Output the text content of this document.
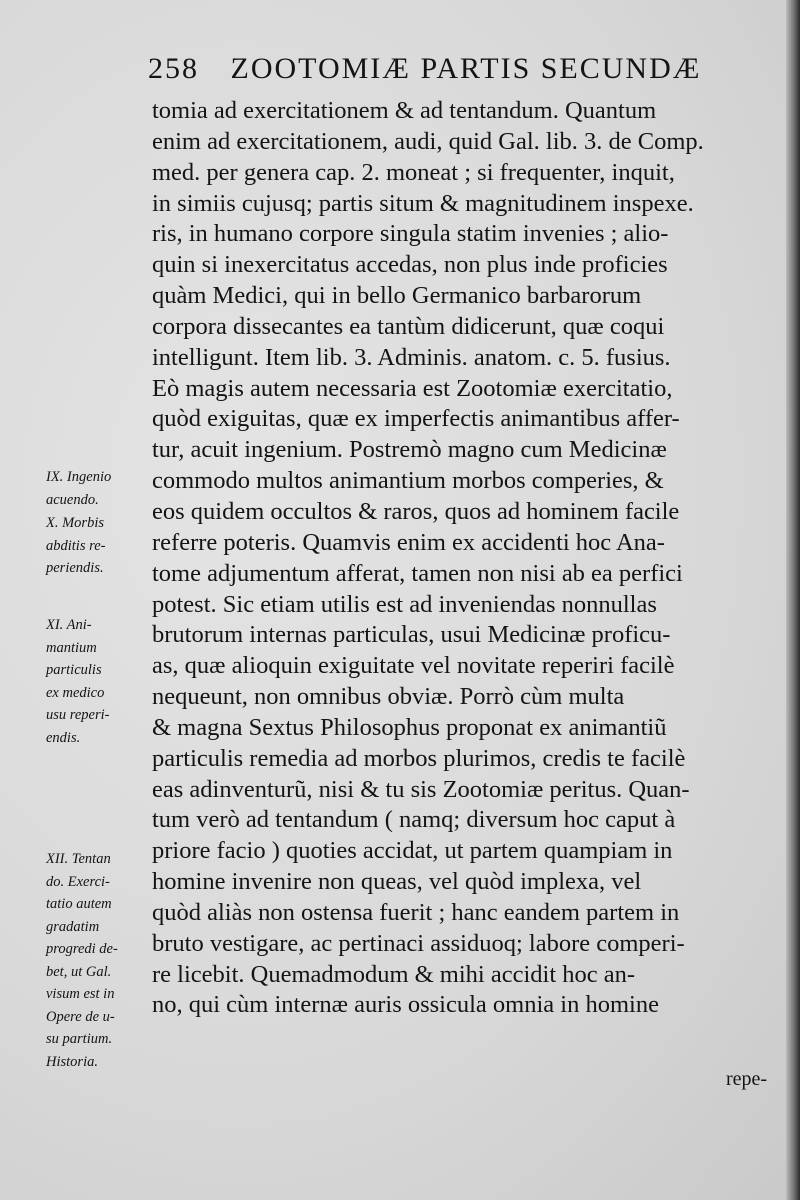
258 ZOOTOMIÆ PARTIS SECUNDÆ
tomia ad exercitationem & ad tentandum. Quantum
enim ad exercitationem, audi, quid Gal. lib. 3. de Comp.
med. per genera cap. 2. moneat ; si frequenter, inquit,
in simiis cujusq; partis situm & magnitudinem inspexe.
ris, in humano corpore singula statim invenies ; alio-
quin si inexercitatus accedas, non plus inde proficies
quàm Medici, qui in bello Germanico barbarorum
corpora dissecantes ea tantùm didicerunt, quæ coqui
intelligunt. Item lib. 3. Adminis. anatom. c. 5. fusius.
Eò magis autem necessaria est Zootomiæ exercitatio,
quòd exiguitas, quæ ex imperfectis animantibus affer-
tur, acuit ingenium. Postremò magno cum Medicinæ
commodo multos animantium morbos comperies, &
eos quidem occultos & raros, quos ad hominem facile
referre poteris. Quamvis enim ex accidenti hoc Ana-
tome adjumentum afferat, tamen non nisi ab ea perfici
potest. Sic etiam utilis est ad inveniendas nonnullas
brutorum internas particulas, usui Medicinæ proficu-
as, quæ alioquin exiguitate vel novitate reperiri facilè
nequeunt, non omnibus obviæ. Porrò cùm multa
& magna Sextus Philosophus proponat ex animantiũ
particulis remedia ad morbos plurimos, credis te facilè
eas adinventurũ, nisi & tu sis Zootomiæ peritus. Quan-
tum verò ad tentandum ( namq; diversum hoc caput à
priore facio ) quoties accidat, ut partem quampiam in
homine invenire non queas, vel quòd implexa, vel
quòd aliàs non ostensa fuerit ; hanc eandem partem in
bruto vestigare, ac pertinaci assiduoq; labore comperi-
re licebit. Quemadmodum & mihi accidit hoc an-
no, qui cùm internæ auris ossicula omnia in homine
IX. Ingenio
acuendo.
X. Morbis
abditis re-
periendis.
XI. Ani-
mantium
particulis
ex medico
usu reperi-
endis.
XII. Tentan
do. Exerci-
tatio autem
gradatim
progredi de-
bet, ut Gal.
visum est in
Opere de u-
su partium.
Historia.
repe-
